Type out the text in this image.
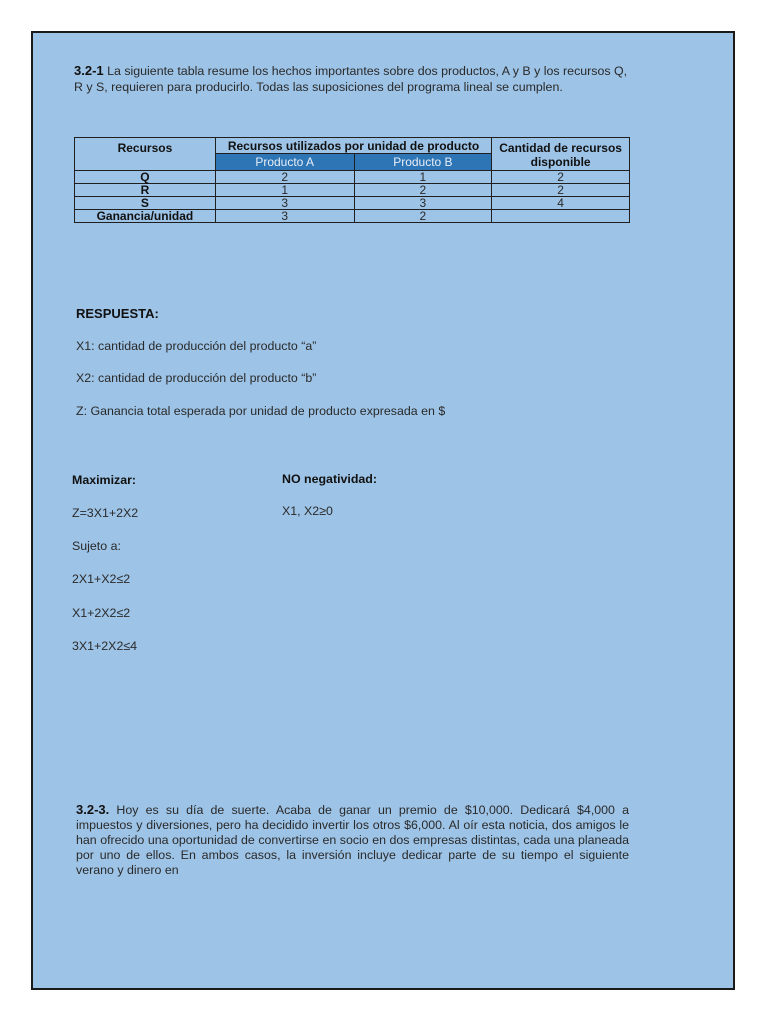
3.2-1 La siguiente tabla resume los hechos importantes sobre dos productos, A y B y los recursos Q, R y S, requieren para producirlo. Todas las suposiciones del programa lineal se cumplen.

Recursos	Recursos utilizados por unidad de producto		Cantidad de recursos disponible
	Producto A	Producto B	
Q	2	1	2
R	1	2	2
S	3	3	4
Ganancia/unidad	3	2	

RESPUESTA:

X1: cantidad de producción del producto “a”

X2: cantidad de producción del producto “b”

Z: Ganancia total esperada por unidad de producto expresada en $

Maximizar:	NO negatividad:

Z=3X1+2X2	X1, X2≥0

Sujeto a:

2X1+X2≤2

X1+2X2≤2

3X1+2X2≤4

3.2-3. Hoy es su día de suerte. Acaba de ganar un premio de $10,000. Dedicará $4,000 a impuestos y diversiones, pero ha decidido invertir los otros $6,000. Al oír esta noticia, dos amigos le han ofrecido una oportunidad de convertirse en socio en dos empresas distintas, cada una planeada por uno de ellos. En ambos casos, la inversión incluye dedicar parte de su tiempo el siguiente verano y dinero en
